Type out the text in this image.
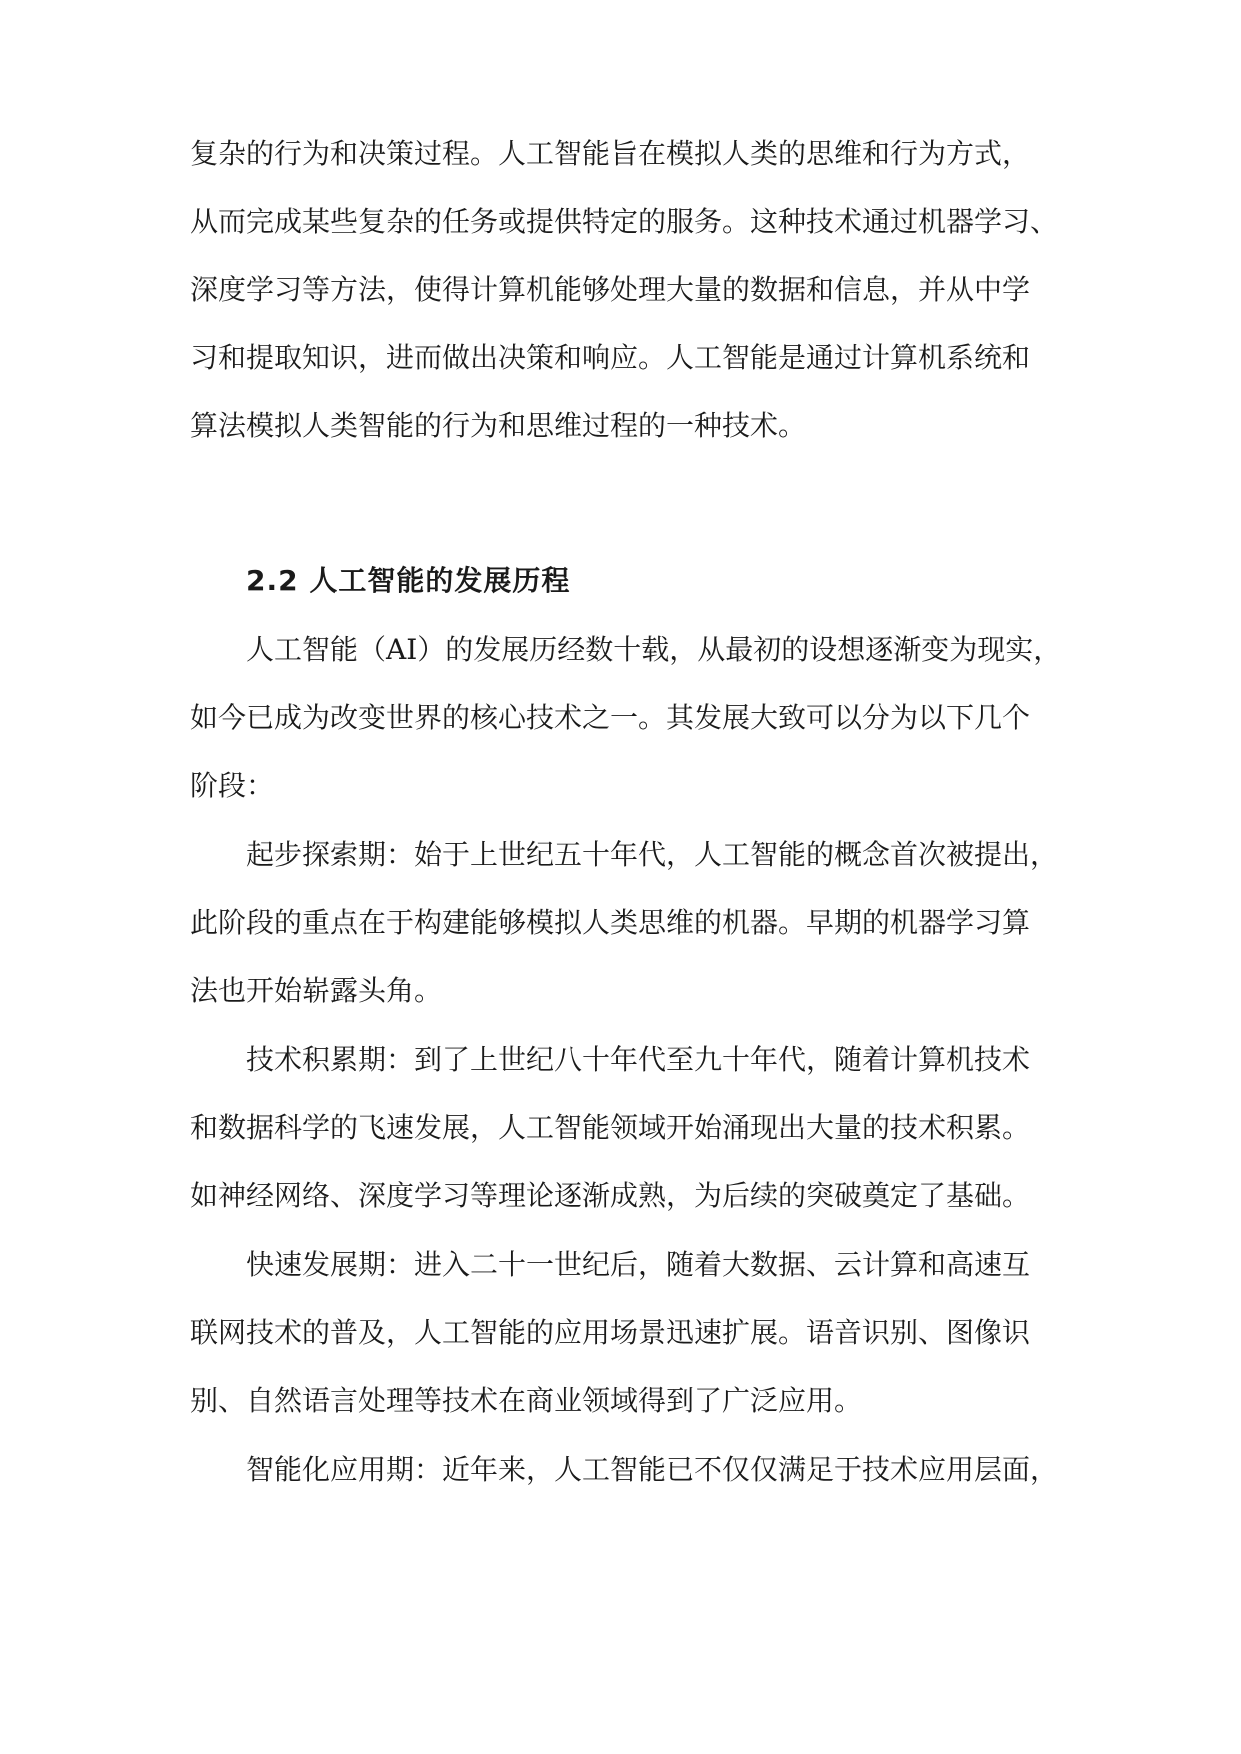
复杂的行为和决策过程。人工智能旨在模拟人类的思维和行为方式，
从而完成某些复杂的任务或提供特定的服务。这种技术通过机器学习、
深度学习等方法，使得计算机能够处理大量的数据和信息，并从中学
习和提取知识，进而做出决策和响应。人工智能是通过计算机系统和
算法模拟人类智能的行为和思维过程的一种技术。
2.2 人工智能的发展历程
人工智能（AI）的发展历经数十载，从最初的设想逐渐变为现实，
如今已成为改变世界的核心技术之一。其发展大致可以分为以下几个
阶段：
起步探索期：始于上世纪五十年代，人工智能的概念首次被提出，
此阶段的重点在于构建能够模拟人类思维的机器。早期的机器学习算
法也开始崭露头角。
技术积累期：到了上世纪八十年代至九十年代，随着计算机技术
和数据科学的飞速发展，人工智能领域开始涌现出大量的技术积累。
如神经网络、深度学习等理论逐渐成熟，为后续的突破奠定了基础。
快速发展期：进入二十一世纪后，随着大数据、云计算和高速互
联网技术的普及，人工智能的应用场景迅速扩展。语音识别、图像识
别、自然语言处理等技术在商业领域得到了广泛应用。
智能化应用期：近年来，人工智能已不仅仅满足于技术应用层面，
